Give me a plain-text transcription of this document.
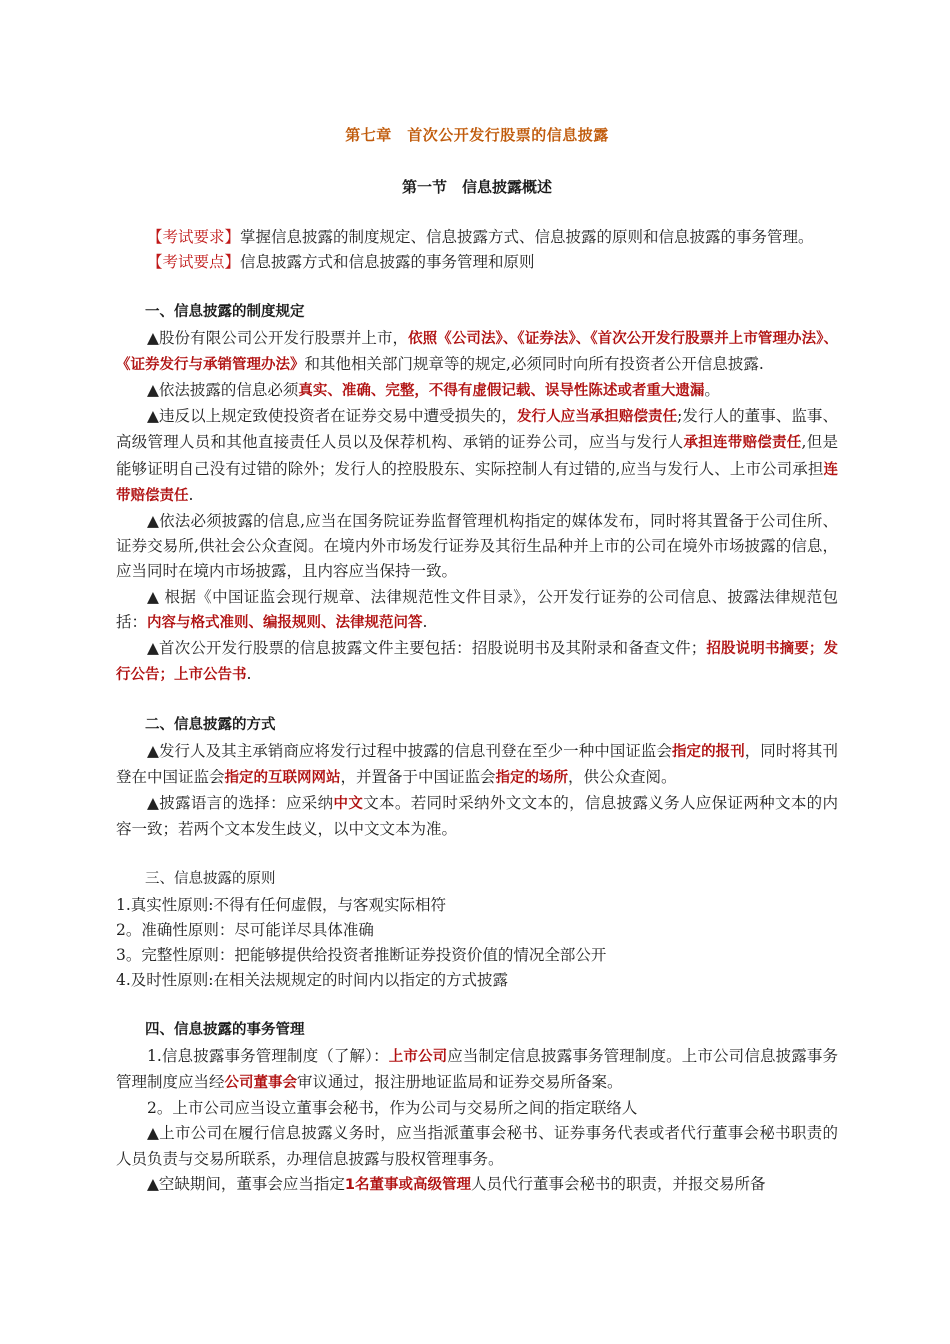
第七章　首次公开发行股票的信息披露
第一节　信息披露概述

【考试要求】掌握信息披露的制度规定、信息披露方式、信息披露的原则和信息披露的事务管理。

【考试要点】信息披露方式和信息披露的事务管理和原则

一、信息披露的制度规定

▲股份有限公司公开发行股票并上市，依照《公司法》、《证券法》、《首次公开发行股票并上市管理办法》、《证券发行与承销管理办法》和其他相关部门规章等的规定,必须同时向所有投资者公开信息披露.

▲依法披露的信息必须真实、准确、完整，不得有虚假记载、误导性陈述或者重大遗漏。

▲违反以上规定致使投资者在证券交易中遭受损失的，发行人应当承担赔偿责任;发行人的董事、监事、高级管理人员和其他直接责任人员以及保荐机构、承销的证券公司，应当与发行人承担连带赔偿责任,但是能够证明自己没有过错的除外；发行人的控股股东、实际控制人有过错的,应当与发行人、上市公司承担连带赔偿责任.

▲依法必须披露的信息,应当在国务院证券监督管理机构指定的媒体发布，同时将其置备于公司住所、证券交易所,供社会公众查阅。在境内外市场发行证券及其衍生品种并上市的公司在境外市场披露的信息，应当同时在境内市场披露，且内容应当保持一致。

▲ 根据《中国证监会现行规章、法律规范性文件目录》，公开发行证券的公司信息、披露法律规范包括：内容与格式准则、编报规则、法律规范问答.

▲首次公开发行股票的信息披露文件主要包括：招股说明书及其附录和备查文件；招股说明书摘要；发行公告；上市公告书.

二、信息披露的方式

▲发行人及其主承销商应将发行过程中披露的信息刊登在至少一种中国证监会指定的报刊，同时将其刊登在中国证监会指定的互联网网站，并置备于中国证监会指定的场所，供公众查阅。

▲披露语言的选择：应采纳中文文本。若同时采纳外文文本的，信息披露义务人应保证两种文本的内容一致；若两个文本发生歧义，以中文文本为准。

三、信息披露的原则

1.真实性原则:不得有任何虚假，与客观实际相符

2。准确性原则：尽可能详尽具体准确

3。完整性原则：把能够提供给投资者推断证券投资价值的情况全部公开

4.及时性原则:在相关法规规定的时间内以指定的方式披露

四、信息披露的事务管理

1.信息披露事务管理制度（了解）：上市公司应当制定信息披露事务管理制度。上市公司信息披露事务管理制度应当经公司董事会审议通过，报注册地证监局和证券交易所备案。

2。上市公司应当设立董事会秘书，作为公司与交易所之间的指定联络人

▲上市公司在履行信息披露义务时，应当指派董事会秘书、证券事务代表或者代行董事会秘书职责的人员负责与交易所联系，办理信息披露与股权管理事务。

▲空缺期间，董事会应当指定1名董事或高级管理人员代行董事会秘书的职责，并报交易所备
